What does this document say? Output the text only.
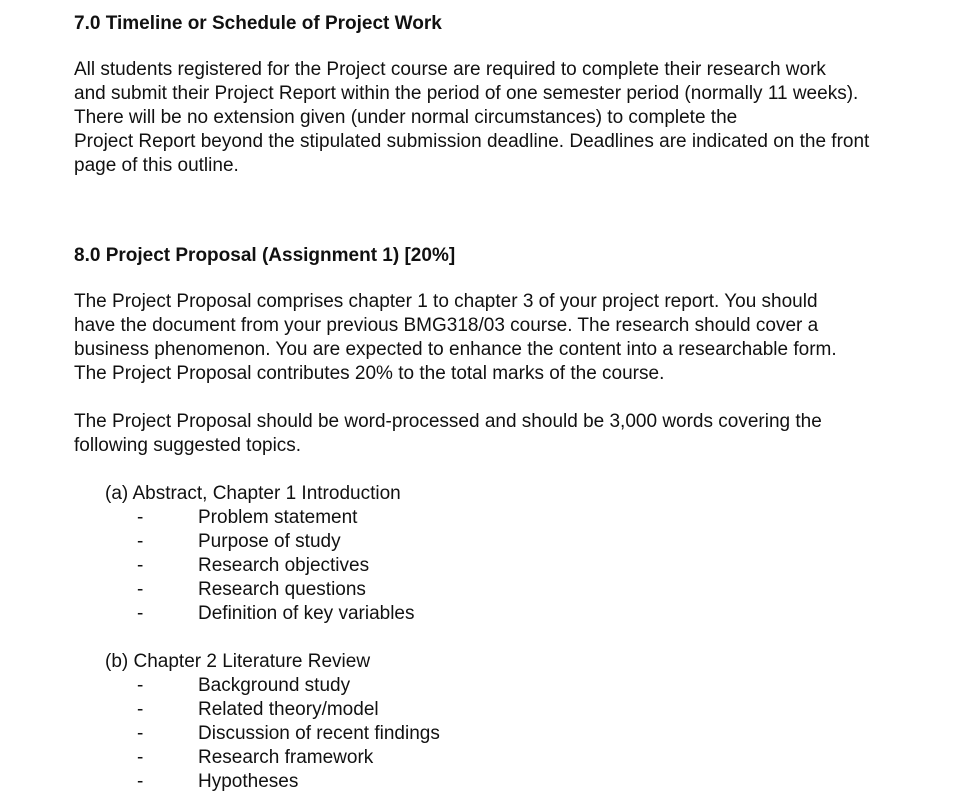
7.0 Timeline or Schedule of Project Work

All students registered for the Project course are required to complete their research work
and submit their Project Report within the period of one semester period (normally 11 weeks).
There will be no extension given (under normal circumstances) to complete the
Project Report beyond the stipulated submission deadline. Deadlines are indicated on the front
page of this outline.

8.0 Project Proposal (Assignment 1) [20%]

The Project Proposal comprises chapter 1 to chapter 3 of your project report. You should
have the document from your previous BMG318/03 course. The research should cover a
business phenomenon. You are expected to enhance the content into a researchable form.
The Project Proposal contributes 20% to the total marks of the course.

The Project Proposal should be word-processed and should be 3,000 words covering the
following suggested topics.

(a) Abstract, Chapter 1 Introduction
-	Problem statement
-	Purpose of study
-	Research objectives
-	Research questions
-	Definition of key variables
(b) Chapter 2 Literature Review
-	Background study
-	Related theory/model
-	Discussion of recent findings
-	Research framework
-	Hypotheses
